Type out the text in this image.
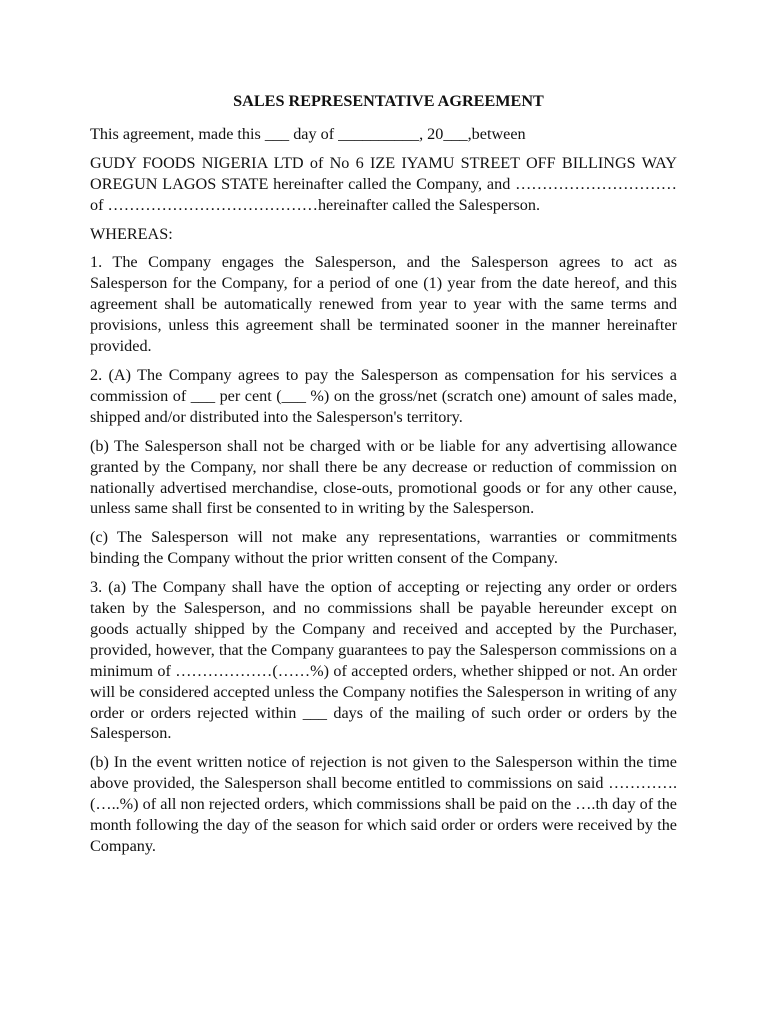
SALES REPRESENTATIVE AGREEMENT

This agreement, made this ___ day of __________, 20___,between

GUDY FOODS NIGERIA LTD of No 6 IZE IYAMU STREET OFF BILLINGS WAY OREGUN LAGOS STATE hereinafter called the Company, and …………………………of …………………………………hereinafter called the Salesperson.

WHEREAS:

1. The Company engages the Salesperson, and the Salesperson agrees to act as Salesperson for the Company, for a period of one (1) year from the date hereof, and this agreement shall be automatically renewed from year to year with the same terms and provisions, unless this agreement shall be terminated sooner in the manner hereinafter provided.

2. (A) The Company agrees to pay the Salesperson as compensation for his services a commission of ___ per cent (___ %) on the gross/net (scratch one) amount of sales made, shipped and/or distributed into the Salesperson's territory.

(b) The Salesperson shall not be charged with or be liable for any advertising allowance granted by the Company, nor shall there be any decrease or reduction of commission on nationally advertised merchandise, close-outs, promotional goods or for any other cause, unless same shall first be consented to in writing by the Salesperson.

(c) The Salesperson will not make any representations, warranties or commitments binding the Company without the prior written consent of the Company.

3. (a) The Company shall have the option of accepting or rejecting any order or orders taken by the Salesperson, and no commissions shall be payable hereunder except on goods actually shipped by the Company and received and accepted by the Purchaser, provided, however, that the Company guarantees to pay the Salesperson commissions on a minimum of ………………(……%) of accepted orders, whether shipped or not. An order will be considered accepted unless the Company notifies the Salesperson in writing of any order or orders rejected within ___ days of the mailing of such order or orders by the Salesperson.

(b) In the event written notice of rejection is not given to the Salesperson within the time above provided, the Salesperson shall become entitled to commissions on said …………. (…..%) of all non rejected orders, which commissions shall be paid on the ….th day of the month following the day of the season for which said order or orders were received by the Company.
